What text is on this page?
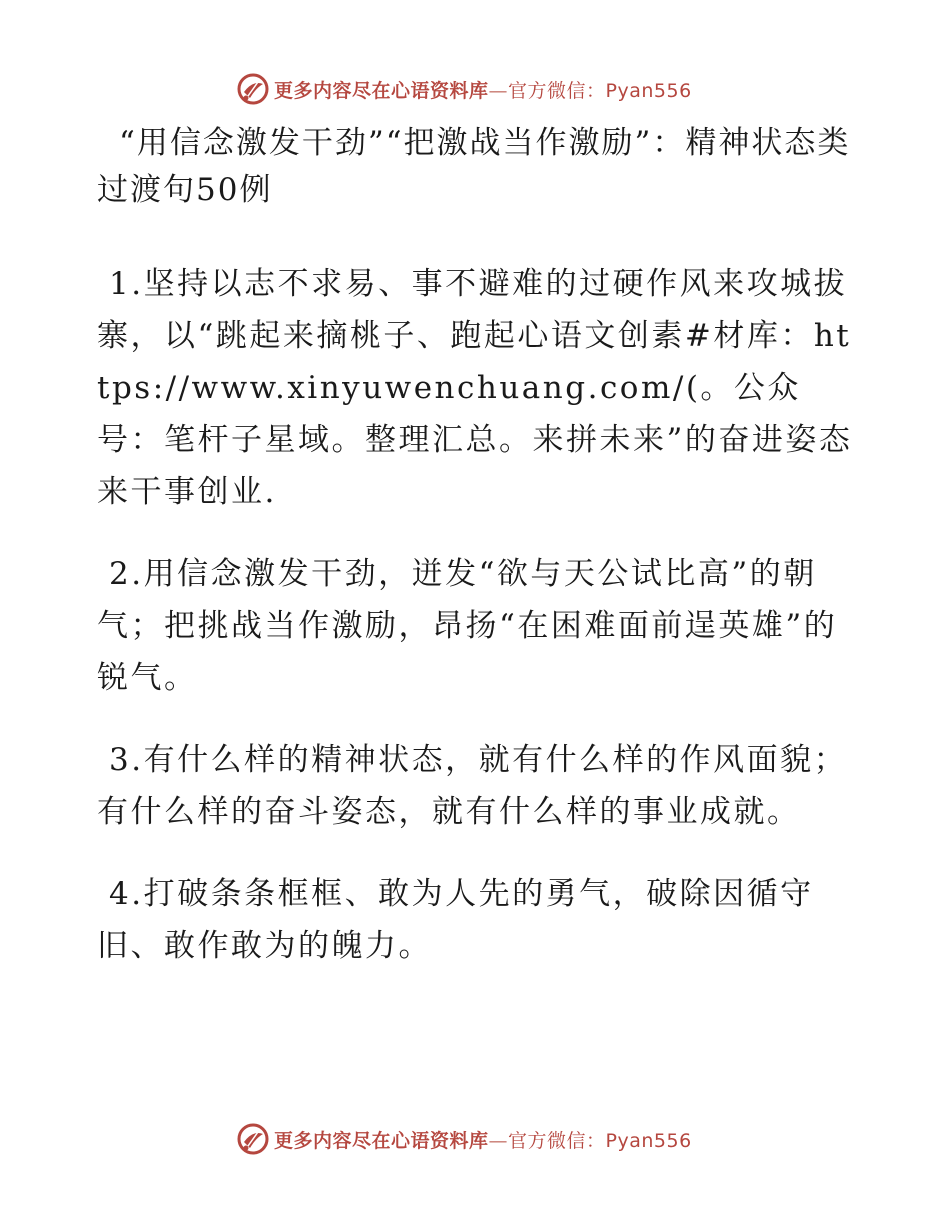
更多内容尽在心语资料库—官方微信：Pyan556
“用信念激发干劲”“把激战当作激励”：精神状态类过渡句50例

1.坚持以志不求易、事不避难的过硬作风来攻城拔寨，以“跳起来摘桃子、跑起心语文创素#材库：https://www.xinyuwenchuang.com/(。公众号：笔杆子星域。整理汇总。来拼未来”的奋进姿态来干事创业.

2.用信念激发干劲，迸发“欲与天公试比高”的朝气；把挑战当作激励，昂扬“在困难面前逞英雄”的锐气。

3.有什么样的精神状态，就有什么样的作风面貌；有什么样的奋斗姿态，就有什么样的事业成就。

4.打破条条框框、敢为人先的勇气，破除因循守旧、敢作敢为的魄力。

更多内容尽在心语资料库—官方微信：Pyan556
